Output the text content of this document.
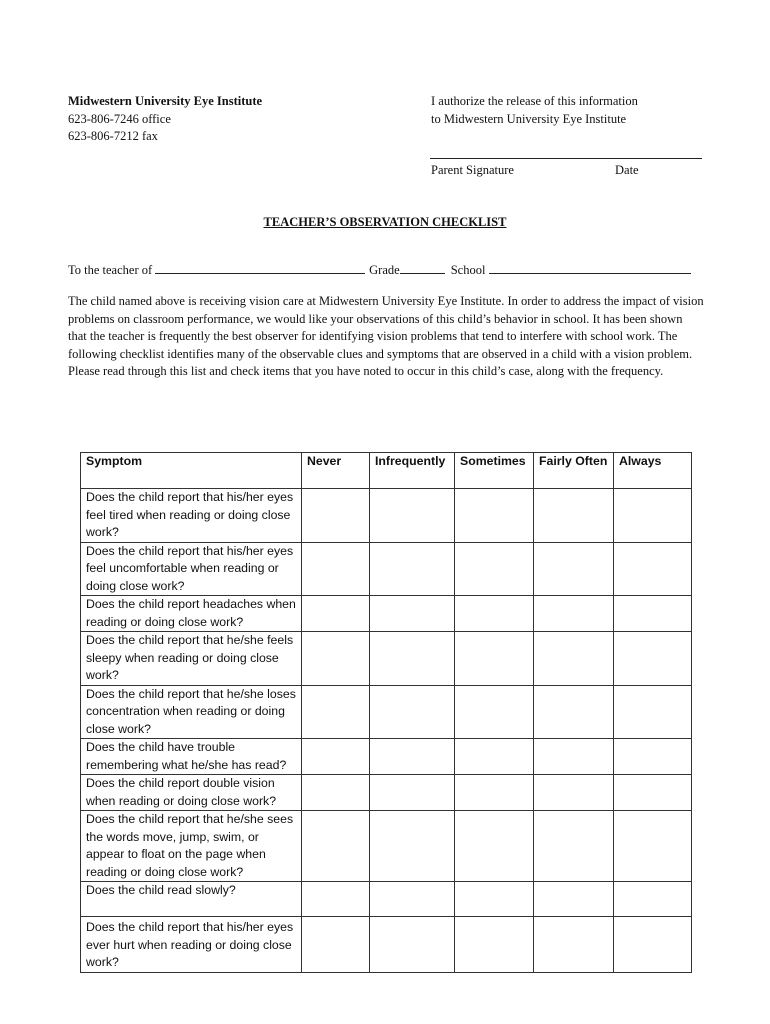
Midwestern University Eye Institute
623-806-7246 office
623-806-7212 fax
I authorize the release of this information
to Midwestern University Eye Institute
Parent Signature	Date
TEACHER’S OBSERVATION CHECKLIST
To the teacher of	Grade	School
The child named above is receiving vision care at Midwestern University Eye Institute. In order to address the impact of vision problems on classroom performance, we would like your observations of this child’s behavior in school. It has been shown that the teacher is frequently the best observer for identifying vision problems that tend to interfere with school work. The following checklist identifies many of the observable clues and symptoms that are observed in a child with a vision problem. Please read through this list and check items that you have noted to occur in this child’s case, along with the frequency.
Symptom	Never	Infrequently	Sometimes	Fairly Often	Always
Does the child report that his/her eyes feel tired when reading or doing close work?					
Does the child report that his/her eyes feel uncomfortable when reading or doing close work?					
Does the child report headaches when reading or doing close work?					
Does the child report that he/she feels sleepy when reading or doing close work?					
Does the child report that he/she loses concentration when reading or doing close work?					
Does the child have trouble remembering what he/she has read?					
Does the child report double vision when reading or doing close work?					
Does the child report that he/she sees the words move, jump, swim, or appear to float on the page when reading or doing close work?					
Does the child read slowly?					
Does the child report that his/her eyes ever hurt when reading or doing close work?					
